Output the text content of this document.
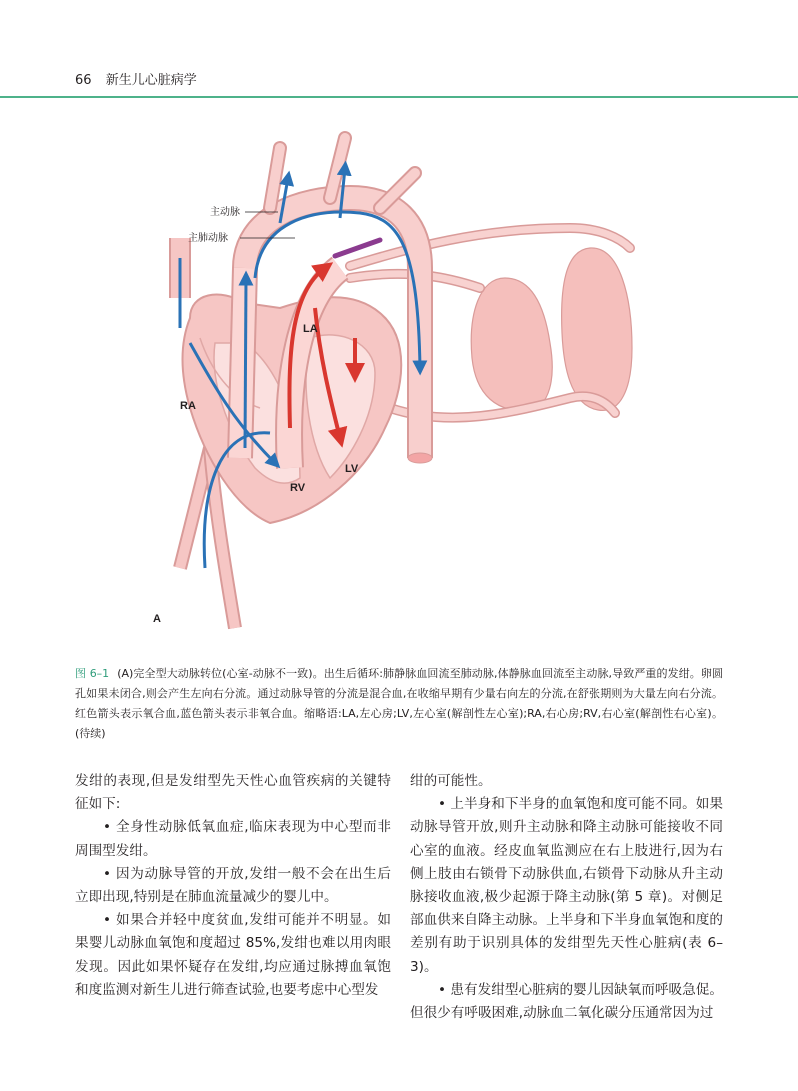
66 新生儿心脏病学
主动脉
主肺动脉
LA
RA
LV
RV
A
图 6–1 (A)完全型大动脉转位(心室-动脉不一致)。出生后循环:肺静脉血回流至肺动脉,体静脉血回流至主动脉,导致严重的发绀。卵圆孔如果未闭合,则会产生左向右分流。通过动脉导管的分流是混合血,在收缩早期有少量右向左的分流,在舒张期则为大量左向右分流。红色箭头表示氧合血,蓝色箭头表示非氧合血。缩略语:LA,左心房;LV,左心室(解剖性左心室);RA,右心房;RV,右心室(解剖性右心室)。(待续)

发绀的表现,但是发绀型先天性心血管疾病的关键特征如下:

• 全身性动脉低氧血症,临床表现为中心型而非周围型发绀。

• 因为动脉导管的开放,发绀一般不会在出生后立即出现,特别是在肺血流量减少的婴儿中。

• 如果合并轻中度贫血,发绀可能并不明显。如果婴儿动脉血氧饱和度超过 85%,发绀也难以用肉眼发现。因此如果怀疑存在发绀,均应通过脉搏血氧饱和度监测对新生儿进行筛查试验,也要考虑中心型发

绀的可能性。

• 上半身和下半身的血氧饱和度可能不同。如果动脉导管开放,则升主动脉和降主动脉可能接收不同心室的血液。经皮血氧监测应在右上肢进行,因为右侧上肢由右锁骨下动脉供血,右锁骨下动脉从升主动脉接收血液,极少起源于降主动脉(第 5 章)。对侧足部血供来自降主动脉。上半身和下半身血氧饱和度的差别有助于识别具体的发绀型先天性心脏病(表 6–3)。

• 患有发绀型心脏病的婴儿因缺氧而呼吸急促。但很少有呼吸困难,动脉血二氧化碳分压通常因为过
